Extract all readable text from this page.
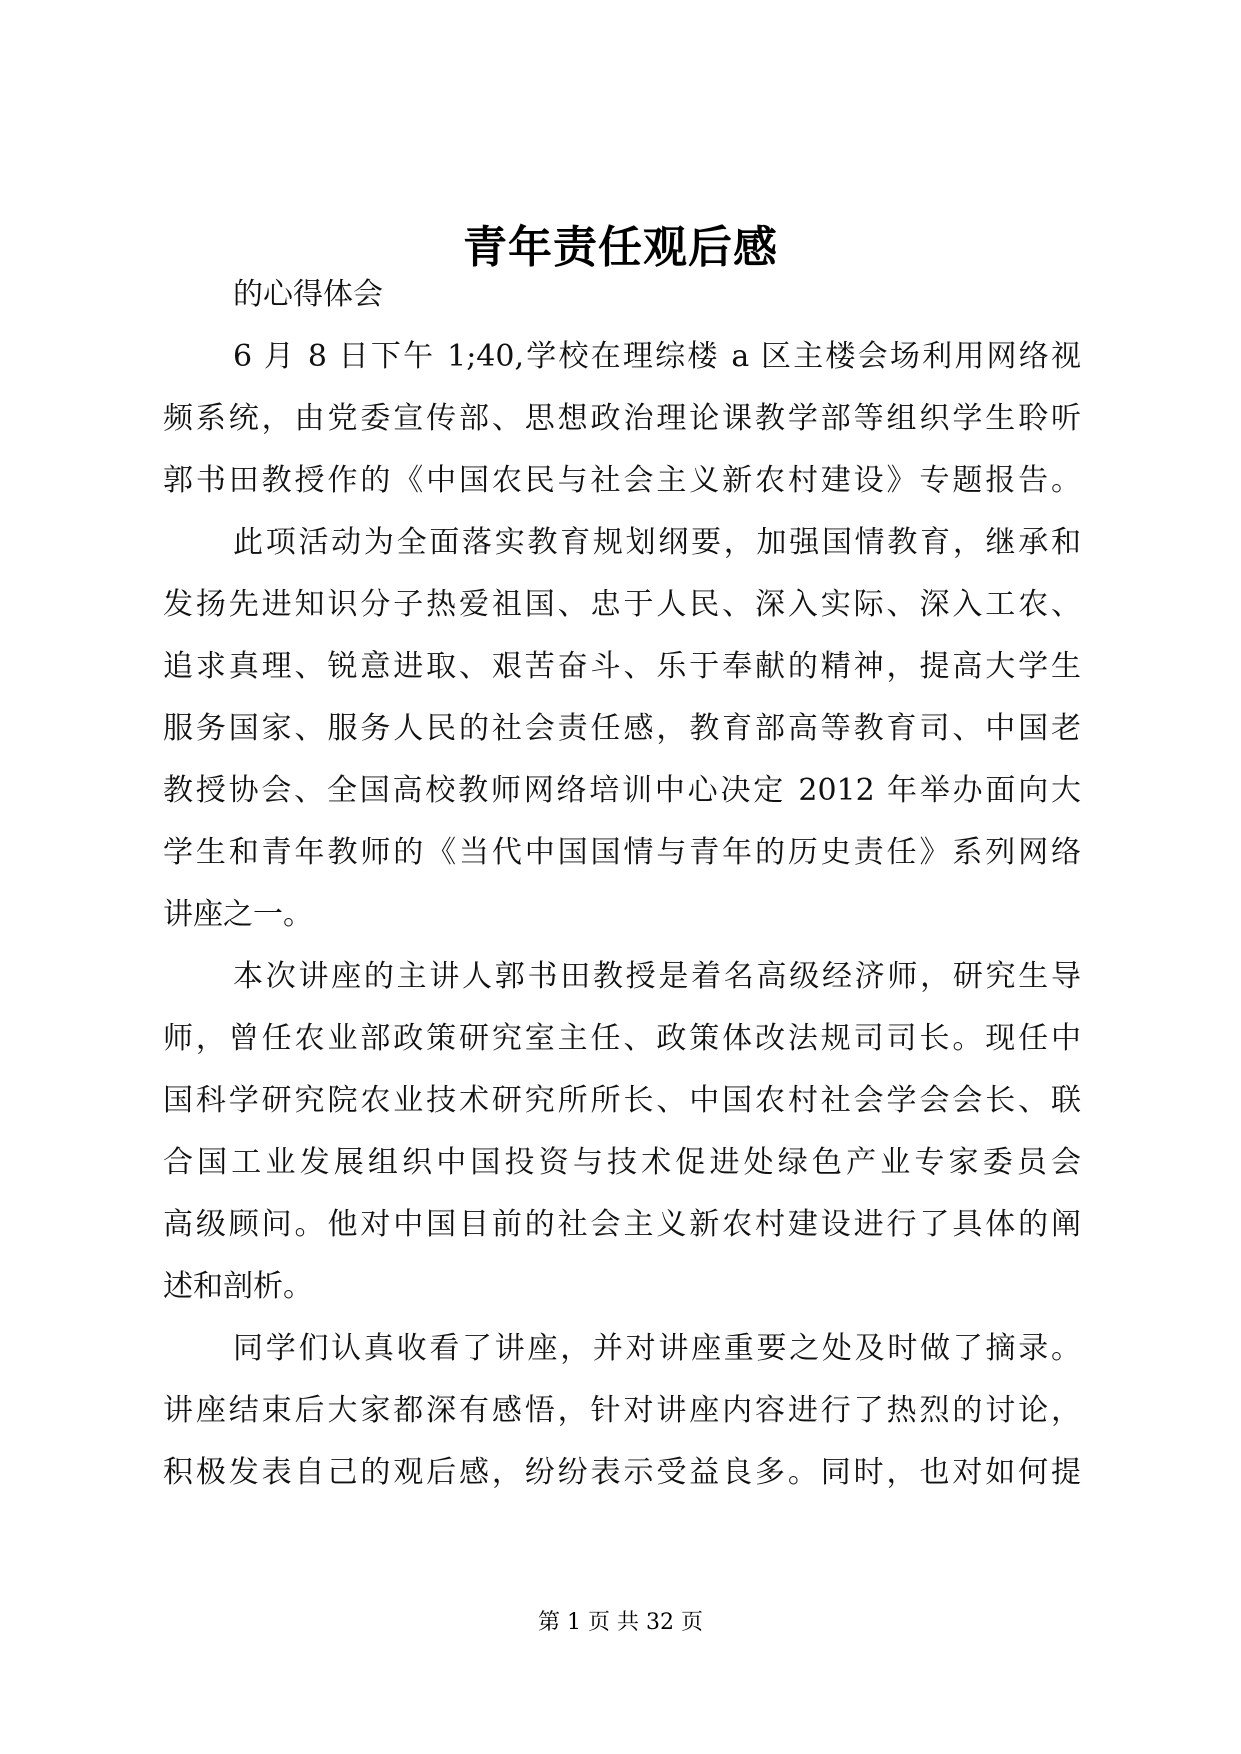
青年责任观后感

的心得体会

6 月 8 日下午 1;40,学校在理综楼 a 区主楼会场利用网络视

频系统，由党委宣传部、思想政治理论课教学部等组织学生聆听

郭书田教授作的《中国农民与社会主义新农村建设》专题报告。

此项活动为全面落实教育规划纲要，加强国情教育，继承和

发扬先进知识分子热爱祖国、忠于人民、深入实际、深入工农、

追求真理、锐意进取、艰苦奋斗、乐于奉献的精神，提高大学生

服务国家、服务人民的社会责任感，教育部高等教育司、中国老

教授协会、全国高校教师网络培训中心决定 2012 年举办面向大

学生和青年教师的《当代中国国情与青年的历史责任》系列网络

讲座之一。

本次讲座的主讲人郭书田教授是着名高级经济师，研究生导

师，曾任农业部政策研究室主任、政策体改法规司司长。现任中

国科学研究院农业技术研究所所长、中国农村社会学会会长、联

合国工业发展组织中国投资与技术促进处绿色产业专家委员会

高级顾问。他对中国目前的社会主义新农村建设进行了具体的阐

述和剖析。

同学们认真收看了讲座，并对讲座重要之处及时做了摘录。

讲座结束后大家都深有感悟，针对讲座内容进行了热烈的讨论，

积极发表自己的观后感，纷纷表示受益良多。同时，也对如何提

第 1 页 共 32 页
